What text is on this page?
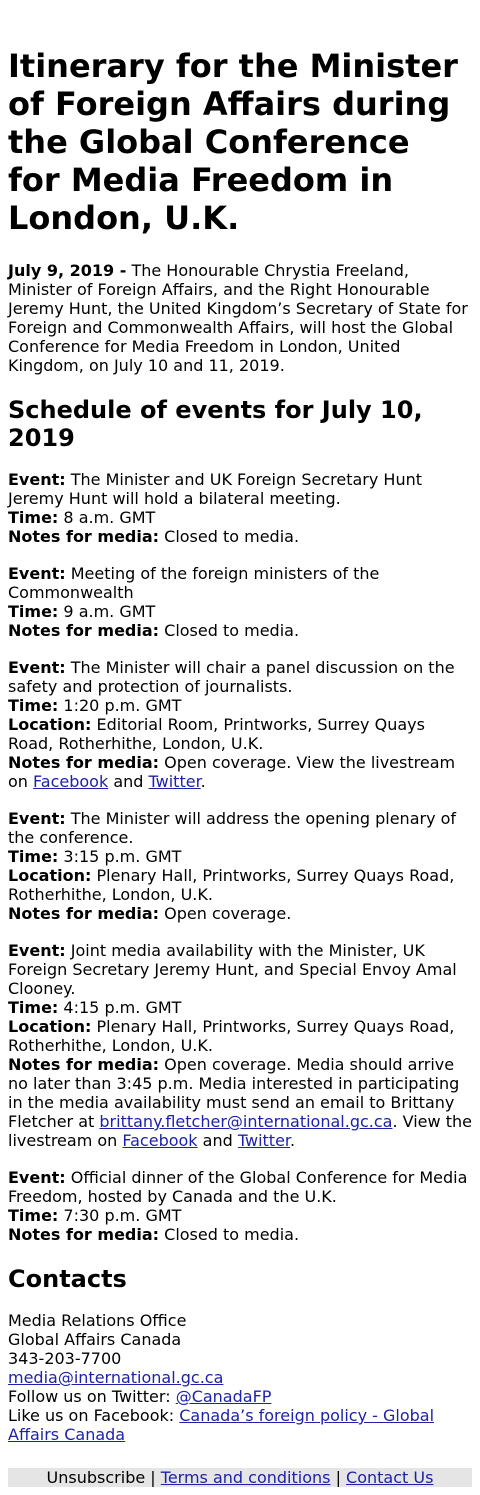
Itinerary for the Minister of Foreign Affairs during the Global Conference for Media Freedom in London, U.K.

July 9, 2019 - The Honourable Chrystia Freeland, Minister of Foreign Affairs, and the Right Honourable Jeremy Hunt, the United Kingdom’s Secretary of State for Foreign and Commonwealth Affairs, will host the Global Conference for Media Freedom in London, United Kingdom, on July 10 and 11, 2019.

Schedule of events for July 10, 2019

Event: The Minister and UK Foreign Secretary Hunt Jeremy Hunt will hold a bilateral meeting.
Time: 8 a.m. GMT
Notes for media: Closed to media.

Event: Meeting of the foreign ministers of the Commonwealth
Time: 9 a.m. GMT
Notes for media: Closed to media.

Event: The Minister will chair a panel discussion on the safety and protection of journalists.
Time: 1:20 p.m. GMT
Location: Editorial Room, Printworks, Surrey Quays Road, Rotherhithe, London, U.K.
Notes for media: Open coverage. View the livestream on Facebook and Twitter.

Event: The Minister will address the opening plenary of the conference.
Time: 3:15 p.m. GMT
Location: Plenary Hall, Printworks, Surrey Quays Road, Rotherhithe, London, U.K.
Notes for media: Open coverage.

Event: Joint media availability with the Minister, UK Foreign Secretary Jeremy Hunt, and Special Envoy Amal Clooney.
Time: 4:15 p.m. GMT
Location: Plenary Hall, Printworks, Surrey Quays Road, Rotherhithe, London, U.K.
Notes for media: Open coverage. Media should arrive no later than 3:45 p.m. Media interested in participating in the media availability must send an email to Brittany Fletcher at brittany.fletcher@international.gc.ca. View the livestream on Facebook and Twitter.

Event: Official dinner of the Global Conference for Media Freedom, hosted by Canada and the U.K.
Time: 7:30 p.m. GMT
Notes for media: Closed to media.

Contacts

Media Relations Office
Global Affairs Canada
343-203-7700
media@international.gc.ca
Follow us on Twitter: @CanadaFP
Like us on Facebook: Canada’s foreign policy - Global Affairs Canada

Unsubscribe | Terms and conditions | Contact Us
